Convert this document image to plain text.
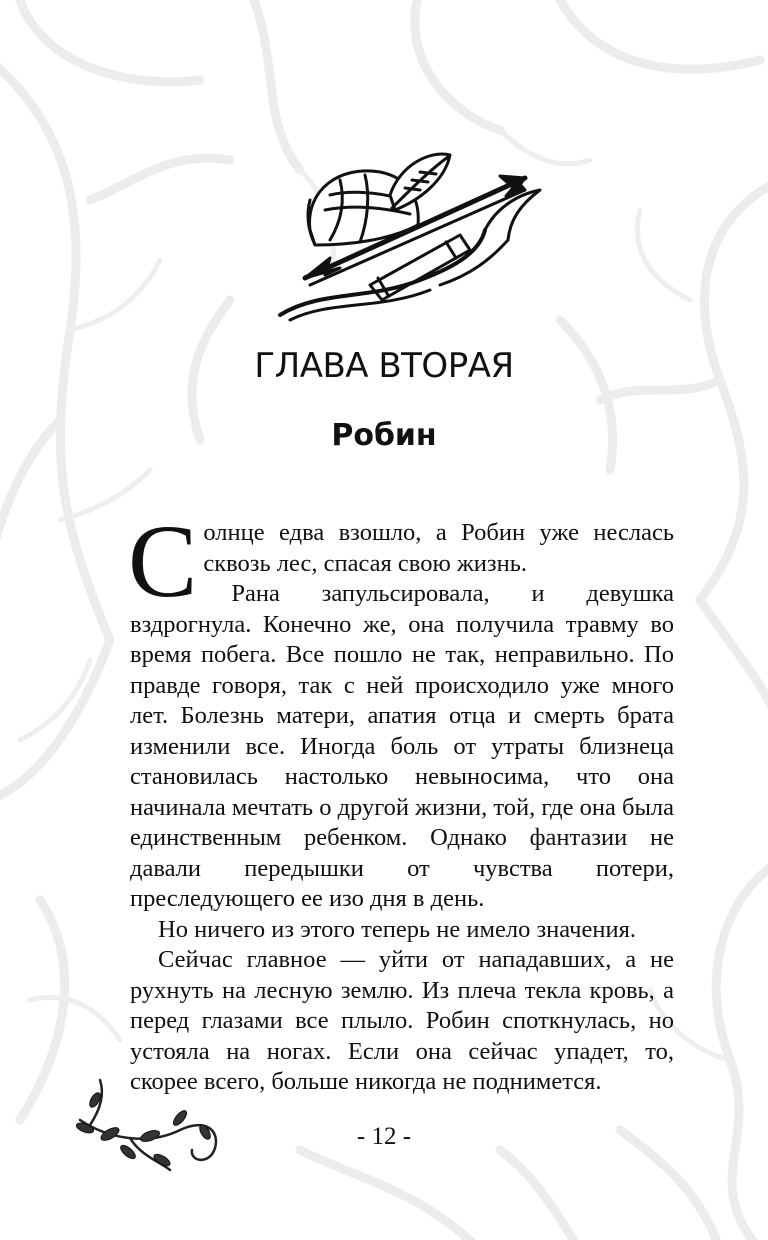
ГЛАВА ВТОРАЯ
Робин

Солнце едва взошло, а Робин уже неслась сквозь лес, спасая свою жизнь.

Рана запульсировала, и девушка вздрогнула. Конечно же, она получила травму во время побега. Все пошло не так, неправильно. По правде говоря, так с ней происходило уже много лет. Болезнь матери, апатия отца и смерть брата изменили все. Иногда боль от утраты близнеца становилась настолько невыносима, что она начинала мечтать о другой жизни, той, где она была единственным ребенком. Однако фантазии не давали передышки от чувства потери, преследующего ее изо дня в день.

Но ничего из этого теперь не имело значения.

Сейчас главное — уйти от нападавших, а не рухнуть на лесную землю. Из плеча текла кровь, а перед глазами все плыло. Робин споткнулась, но устояла на ногах. Если она сейчас упадет, то, скорее всего, больше никогда не поднимется.

- 12 -
